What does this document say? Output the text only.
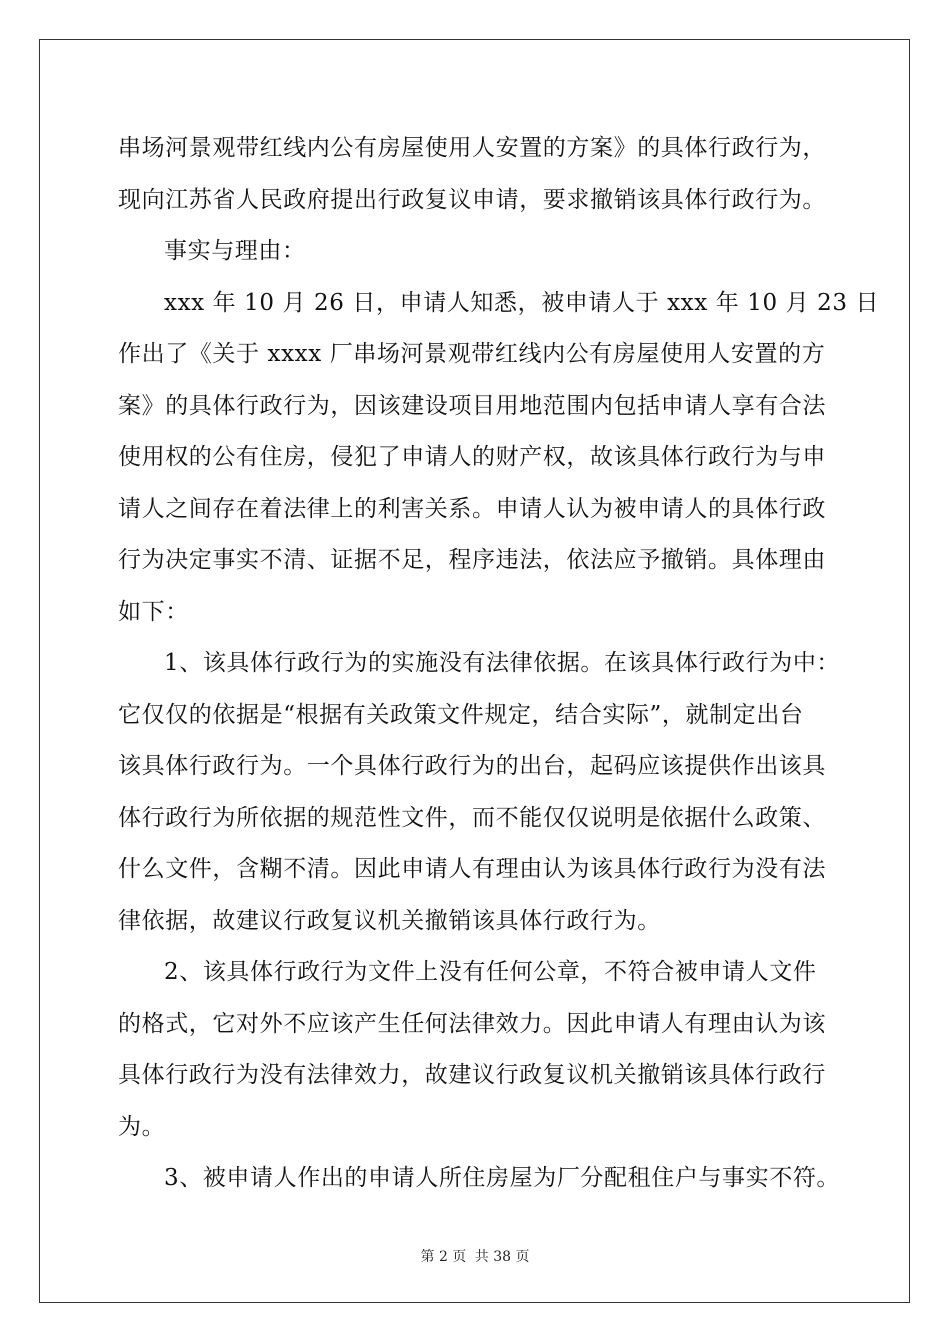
串场河景观带红线内公有房屋使用人安置的方案》的具体行政行为，
现向江苏省人民政府提出行政复议申请，要求撤销该具体行政行为。
事实与理由：
xxx 年 10 月 26 日，申请人知悉，被申请人于 xxx 年 10 月 23 日
作出了《关于 xxxx 厂串场河景观带红线内公有房屋使用人安置的方
案》的具体行政行为，因该建设项目用地范围内包括申请人享有合法
使用权的公有住房，侵犯了申请人的财产权，故该具体行政行为与申
请人之间存在着法律上的利害关系。申请人认为被申请人的具体行政
行为决定事实不清、证据不足，程序违法，依法应予撤销。具体理由
如下：
1、该具体行政行为的实施没有法律依据。在该具体行政行为中：
它仅仅的依据是“根据有关政策文件规定，结合实际”，就制定出台
该具体行政行为。一个具体行政行为的出台，起码应该提供作出该具
体行政行为所依据的规范性文件，而不能仅仅说明是依据什么政策、
什么文件，含糊不清。因此申请人有理由认为该具体行政行为没有法
律依据，故建议行政复议机关撤销该具体行政行为。
2、该具体行政行为文件上没有任何公章，不符合被申请人文件
的格式，它对外不应该产生任何法律效力。因此申请人有理由认为该
具体行政行为没有法律效力，故建议行政复议机关撤销该具体行政行
为。
3、被申请人作出的申请人所住房屋为厂分配租住户与事实不符。
第 2 页 共 38 页
